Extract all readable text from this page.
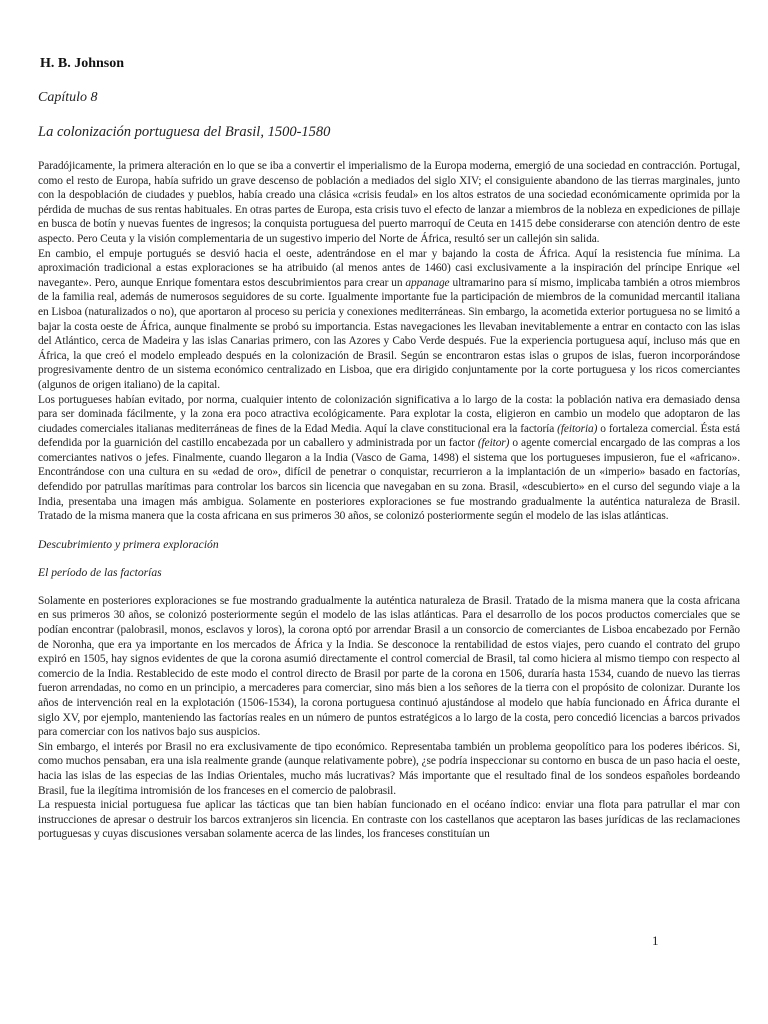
H. B. Johnson
Capítulo 8
La colonización portuguesa del Brasil, 1500-1580

Paradójicamente, la primera alteración en lo que se iba a convertir el imperialismo de la Europa moderna, emergió de una sociedad en contracción. Portugal, como el resto de Europa, había sufrido un grave descenso de población a mediados del siglo XIV; el consiguiente abandono de las tierras marginales, junto con la despoblación de ciudades y pueblos, había creado una clásica «crisis feudal» en los altos estratos de una sociedad económicamente oprimida por la pérdida de muchas de sus rentas habituales. En otras partes de Europa, esta crisis tuvo el efecto de lanzar a miembros de la nobleza en expediciones de pillaje en busca de botín y nuevas fuentes de ingresos; la conquista portuguesa del puerto marroquí de Ceuta en 1415 debe considerarse con atención dentro de este aspecto. Pero Ceuta y la visión complementaria de un sugestivo imperio del Norte de África, resultó ser un callejón sin salida.

En cambio, el empuje portugués se desvió hacia el oeste, adentrándose en el mar y bajando la costa de África. Aquí la resistencia fue mínima. La aproximación tradicional a estas exploraciones se ha atribuido (al menos antes de 1460) casi exclusivamente a la inspiración del príncipe Enrique «el navegante». Pero, aunque Enrique fomentara estos descubrimientos para crear un appanage ultramarino para sí mismo, implicaba también a otros miembros de la familia real, además de numerosos seguidores de su corte. Igualmente importante fue la participación de miembros de la comunidad mercantil italiana en Lisboa (naturalizados o no), que aportaron al proceso su pericia y conexiones mediterráneas. Sin embargo, la acometida exterior portuguesa no se limitó a bajar la costa oeste de África, aunque finalmente se probó su importancia. Estas navegaciones les llevaban inevitablemente a entrar en contacto con las islas del Atlántico, cerca de Madeira y las islas Canarias primero, con las Azores y Cabo Verde después. Fue la experiencia portuguesa aquí, incluso más que en África, la que creó el modelo empleado después en la colonización de Brasil. Según se encontraron estas islas o grupos de islas, fueron incorporándose progresivamente dentro de un sistema económico centralizado en Lisboa, que era dirigido conjuntamente por la corte portuguesa y los ricos comerciantes (algunos de origen italiano) de la capital.

Los portugueses habían evitado, por norma, cualquier intento de colonización significativa a lo largo de la costa: la población nativa era demasiado densa para ser dominada fácilmente, y la zona era poco atractiva ecológicamente. Para explotar la costa, eligieron en cambio un modelo que adoptaron de las ciudades comerciales italianas mediterráneas de fines de la Edad Media. Aquí la clave constitucional era la factoría (feitoria) o fortaleza comercial. Ésta está defendida por la guarnición del castillo encabezada por un caballero y administrada por un factor (feitor) o agente comercial encargado de las compras a los comerciantes nativos o jefes. Finalmente, cuando llegaron a la India (Vasco de Gama, 1498) el sistema que los portugueses impusieron, fue el «africano». Encontrándose con una cultura en su «edad de oro», difícil de penetrar o conquistar, recurrieron a la implantación de un «imperio» basado en factorías, defendido por patrullas marítimas para controlar los barcos sin licencia que navegaban en su zona. Brasil, «descubierto» en el curso del segundo viaje a la India, presentaba una imagen más ambigua. Solamente en posteriores exploraciones se fue mostrando gradualmente la auténtica naturaleza de Brasil. Tratado de la misma manera que la costa africana en sus primeros 30 años, se colonizó posteriormente según el modelo de las islas atlánticas.

Descubrimiento y primera exploración

El período de las factorías

Solamente en posteriores exploraciones se fue mostrando gradualmente la auténtica naturaleza de Brasil. Tratado de la misma manera que la costa africana en sus primeros 30 años, se colonizó posteriormente según el modelo de las islas atlánticas. Para el desarrollo de los pocos productos comerciales que se podían encontrar (palobrasil, monos, esclavos y loros), la corona optó por arrendar Brasil a un consorcio de comerciantes de Lisboa encabezado por Fernão de Noronha, que era ya importante en los mercados de África y la India. Se desconoce la rentabilidad de estos viajes, pero cuando el contrato del grupo expiró en 1505, hay signos evidentes de que la corona asumió directamente el control comercial de Brasil, tal como hiciera al mismo tiempo con respecto al comercio de la India. Restablecido de este modo el control directo de Brasil por parte de la corona en 1506, duraría hasta 1534, cuando de nuevo las tierras fueron arrendadas, no como en un principio, a mercaderes para comerciar, sino más bien a los señores de la tierra con el propósito de colonizar. Durante los años de intervención real en la explotación (1506-1534), la corona portuguesa continuó ajustándose al modelo que había funcionado en África durante el siglo XV, por ejemplo, manteniendo las factorías reales en un número de puntos estratégicos a lo largo de la costa, pero concedió licencias a barcos privados para comerciar con los nativos bajo sus auspicios.

Sin embargo, el interés por Brasil no era exclusivamente de tipo económico. Representaba también un problema geopolítico para los poderes ibéricos. Si, como muchos pensaban, era una isla realmente grande (aunque relativamente pobre), ¿se podría inspeccionar su contorno en busca de un paso hacia el oeste, hacia las islas de las especias de las Indias Orientales, mucho más lucrativas? Más importante que el resultado final de los sondeos españoles bordeando Brasil, fue la ilegítima intromisión de los franceses en el comercio de palobrasil.

La respuesta inicial portuguesa fue aplicar las tácticas que tan bien habían funcionado en el océano índico: enviar una flota para patrullar el mar con instrucciones de apresar o destruir los barcos extranjeros sin licencia. En contraste con los castellanos que aceptaron las bases jurídicas de las reclamaciones portuguesas y cuyas discusiones versaban solamente acerca de las lindes, los franceses constituían un

1
